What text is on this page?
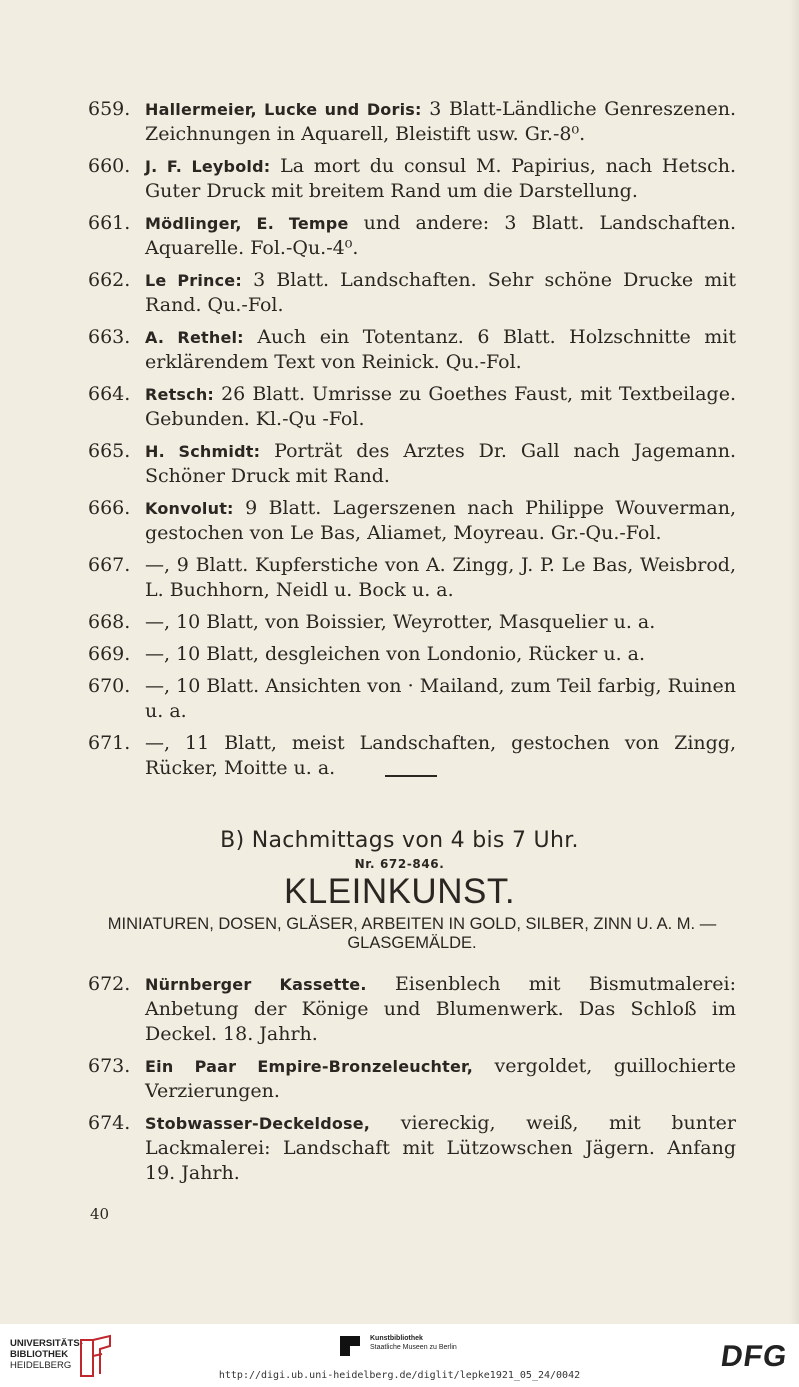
659. Hallermeier, Lucke und Doris: 3 Blatt-Ländliche Genreszenen. Zeichnungen in Aquarell, Bleistift usw. Gr.-8⁰.
660. J. F. Leybold: La mort du consul M. Papirius, nach Hetsch. Guter Druck mit breitem Rand um die Darstellung.
661. Mödlinger, E. Tempe und andere: 3 Blatt. Landschaften. Aquarelle. Fol.-Qu.-4⁰.
662. Le Prince: 3 Blatt. Landschaften. Sehr schöne Drucke mit Rand. Qu.-Fol.
663. A. Rethel: Auch ein Totentanz. 6 Blatt. Holzschnitte mit erklärendem Text von Reinick. Qu.-Fol.
664. Retsch: 26 Blatt. Umrisse zu Goethes Faust, mit Textbeilage. Gebunden. Kl.-Qu -Fol.
665. H. Schmidt: Porträt des Arztes Dr. Gall nach Jagemann. Schöner Druck mit Rand.
666. Konvolut: 9 Blatt. Lagerszenen nach Philippe Wouverman, gestochen von Le Bas, Aliamet, Moyreau. Gr.-Qu.-Fol.
667. —, 9 Blatt. Kupferstiche von A. Zingg, J. P. Le Bas, Weisbrod, L. Buchhorn, Neidl u. Bock u. a.
668. —, 10 Blatt, von Boissier, Weyrotter, Masquelier u. a.
669. —, 10 Blatt, desgleichen von Londonio, Rücker u. a.
670. —, 10 Blatt. Ansichten von · Mailand, zum Teil farbig, Ruinen u. a.
671. —, 11 Blatt, meist Landschaften, gestochen von Zingg, Rücker, Moitte u. a.
B) Nachmittags von 4 bis 7 Uhr.
Nr. 672-846.
KLEINKUNST.
MINIATUREN, DOSEN, GLÄSER, ARBEITEN IN GOLD, SILBER, ZINN U. A. M. — GLASGEMÄLDE.
672. Nürnberger Kassette. Eisenblech mit Bismutmalerei: Anbetung der Könige und Blumenwerk. Das Schloß im Deckel. 18. Jahrh.
673. Ein Paar Empire-Bronzeleuchter, vergoldet, guillochierte Verzierungen.
674. Stobwasser-Deckeldose, viereckig, weiß, mit bunter Lackmalerei: Landschaft mit Lützowschen Jägern. Anfang 19. Jahrh.
40
UNIVERSITÄTS-
BIBLIOTHEK
HEIDELBERG
Kunstbibliothek
Staatliche Museen zu Berlin
http://digi.ub.uni-heidelberg.de/diglit/lepke1921_05_24/0042
DFG
